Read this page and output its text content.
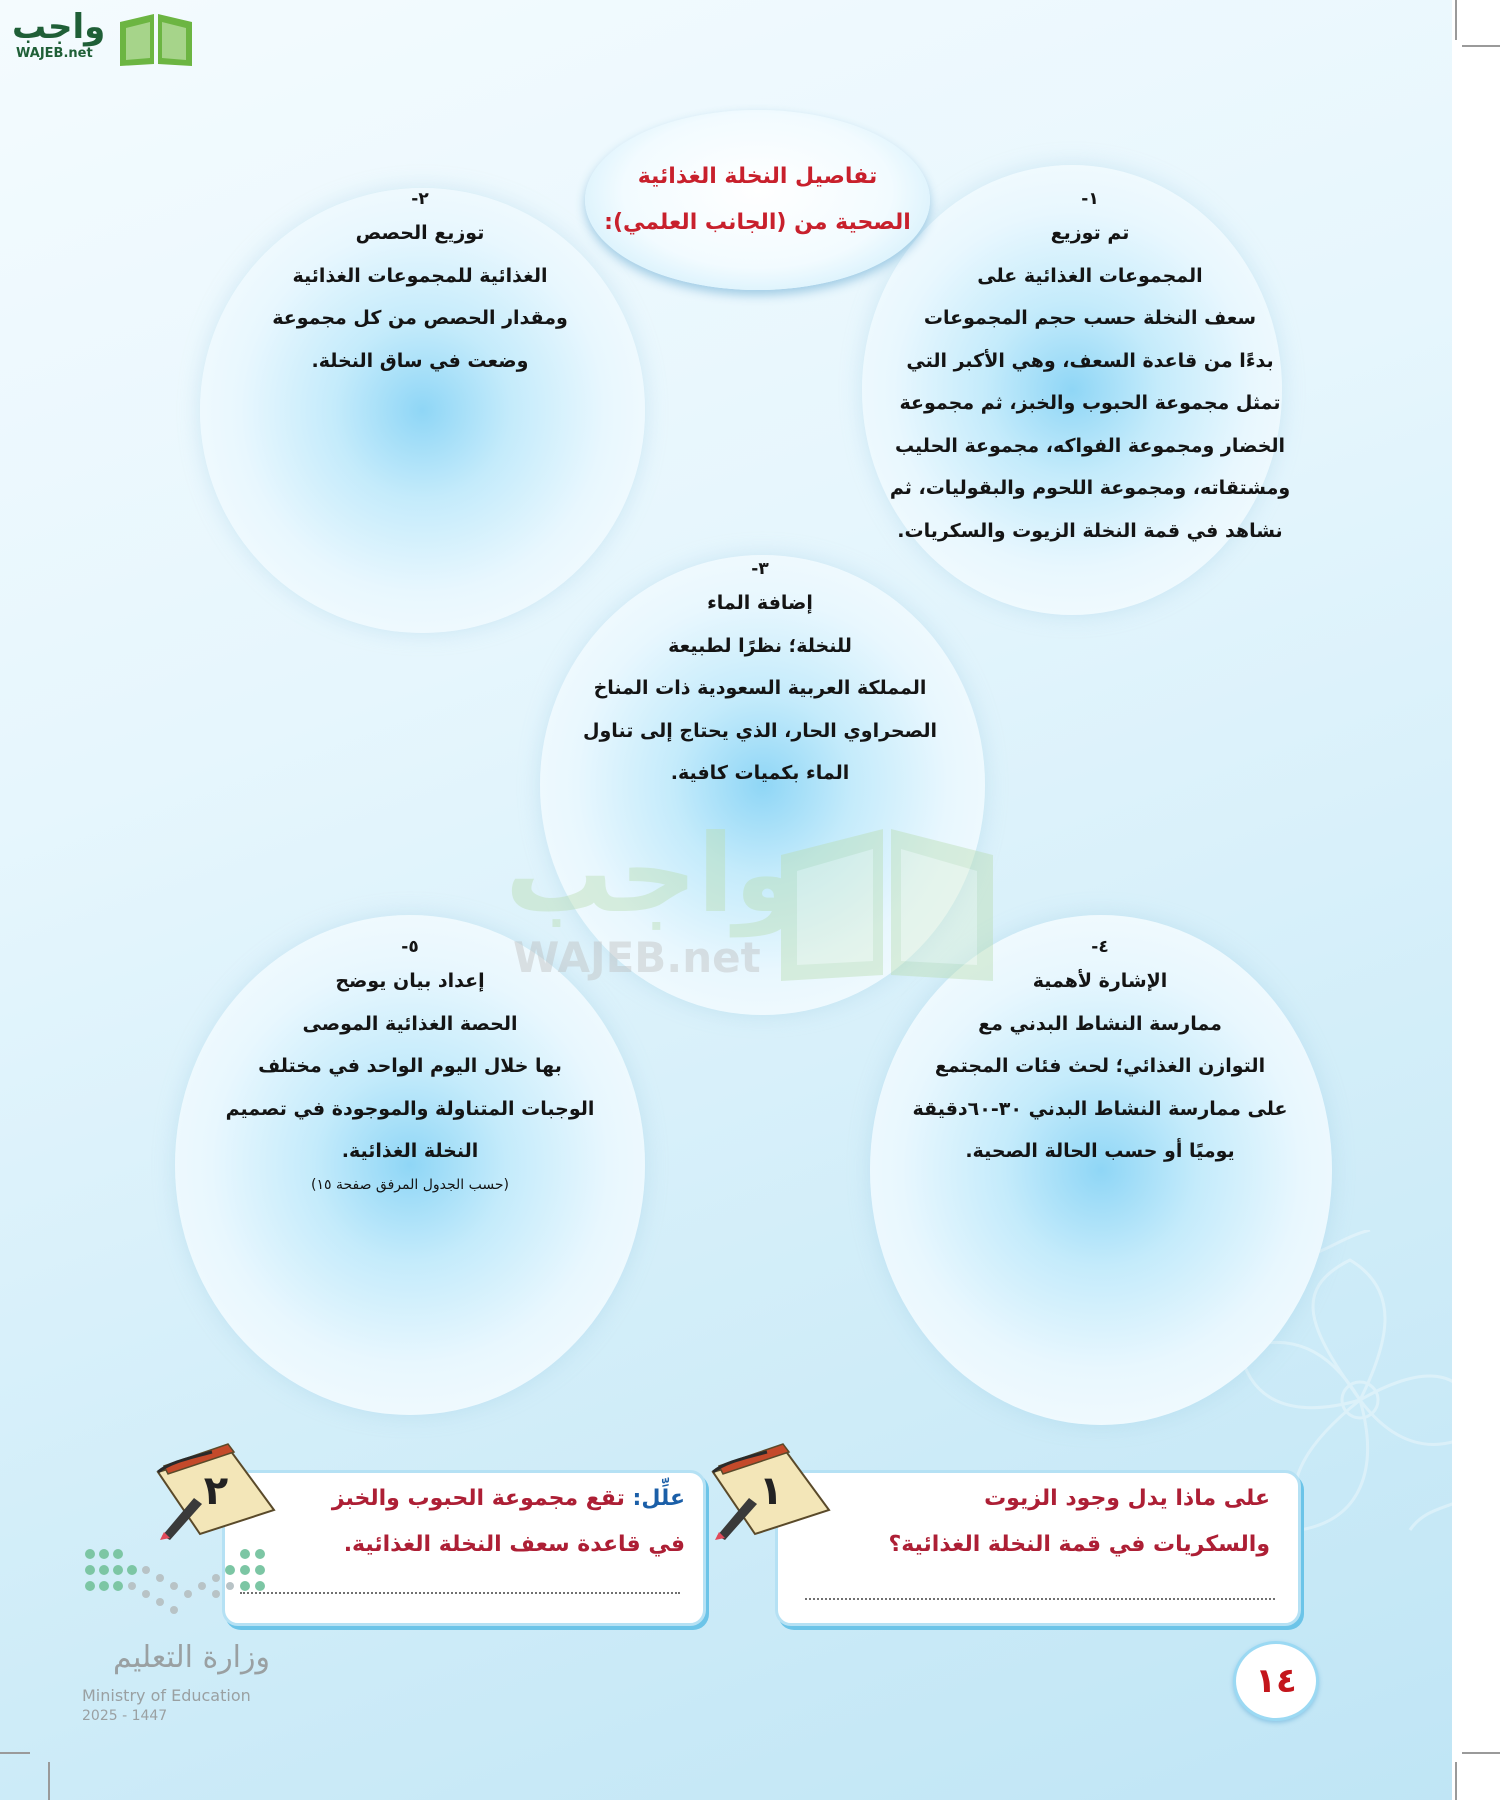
واجب
WAJEB.net
واجب
WAJEB.net
تفاصيل النخلة الغذائية
الصحية من (الجانب العلمي):
١-
تم توزيع
المجموعات الغذائية على
سعف النخلة حسب حجم المجموعات
بدءًا من قاعدة السعف، وهي الأكبر التي
تمثل مجموعة الحبوب والخبز، ثم مجموعة
الخضار ومجموعة الفواكه، مجموعة الحليب
ومشتقاته، ومجموعة اللحوم والبقوليات، ثم
نشاهد في قمة النخلة الزيوت والسكريات.
٢-
توزيع الحصص
الغذائية للمجموعات الغذائية
ومقدار الحصص من كل مجموعة
وضعت في ساق النخلة.
٣-
إضافة الماء
للنخلة؛ نظرًا لطبيعة
المملكة العربية السعودية ذات المناخ
الصحراوي الحار، الذي يحتاج إلى تناول
الماء بكميات كافية.
٤-
الإشارة لأهمية
ممارسة النشاط البدني مع
التوازن الغذائي؛ لحث فئات المجتمع
على ممارسة النشاط البدني ٣٠-٦٠دقيقة
يوميًا أو حسب الحالة الصحية.
٥-
إعداد بيان يوضح
الحصة الغذائية الموصى
بها خلال اليوم الواحد في مختلف
الوجبات المتناولة والموجودة في تصميم
النخلة الغذائية.
(حسب الجدول المرفق صفحة ١٥)
على ماذا يدل وجود الزيوت
والسكريات في قمة النخلة الغذائية؟
١
علِّل: تقع مجموعة الحبوب والخبز
في قاعدة سعف النخلة الغذائية.
٢
وزارة التعليم
Ministry of Education
2025 - 1447
١٤
